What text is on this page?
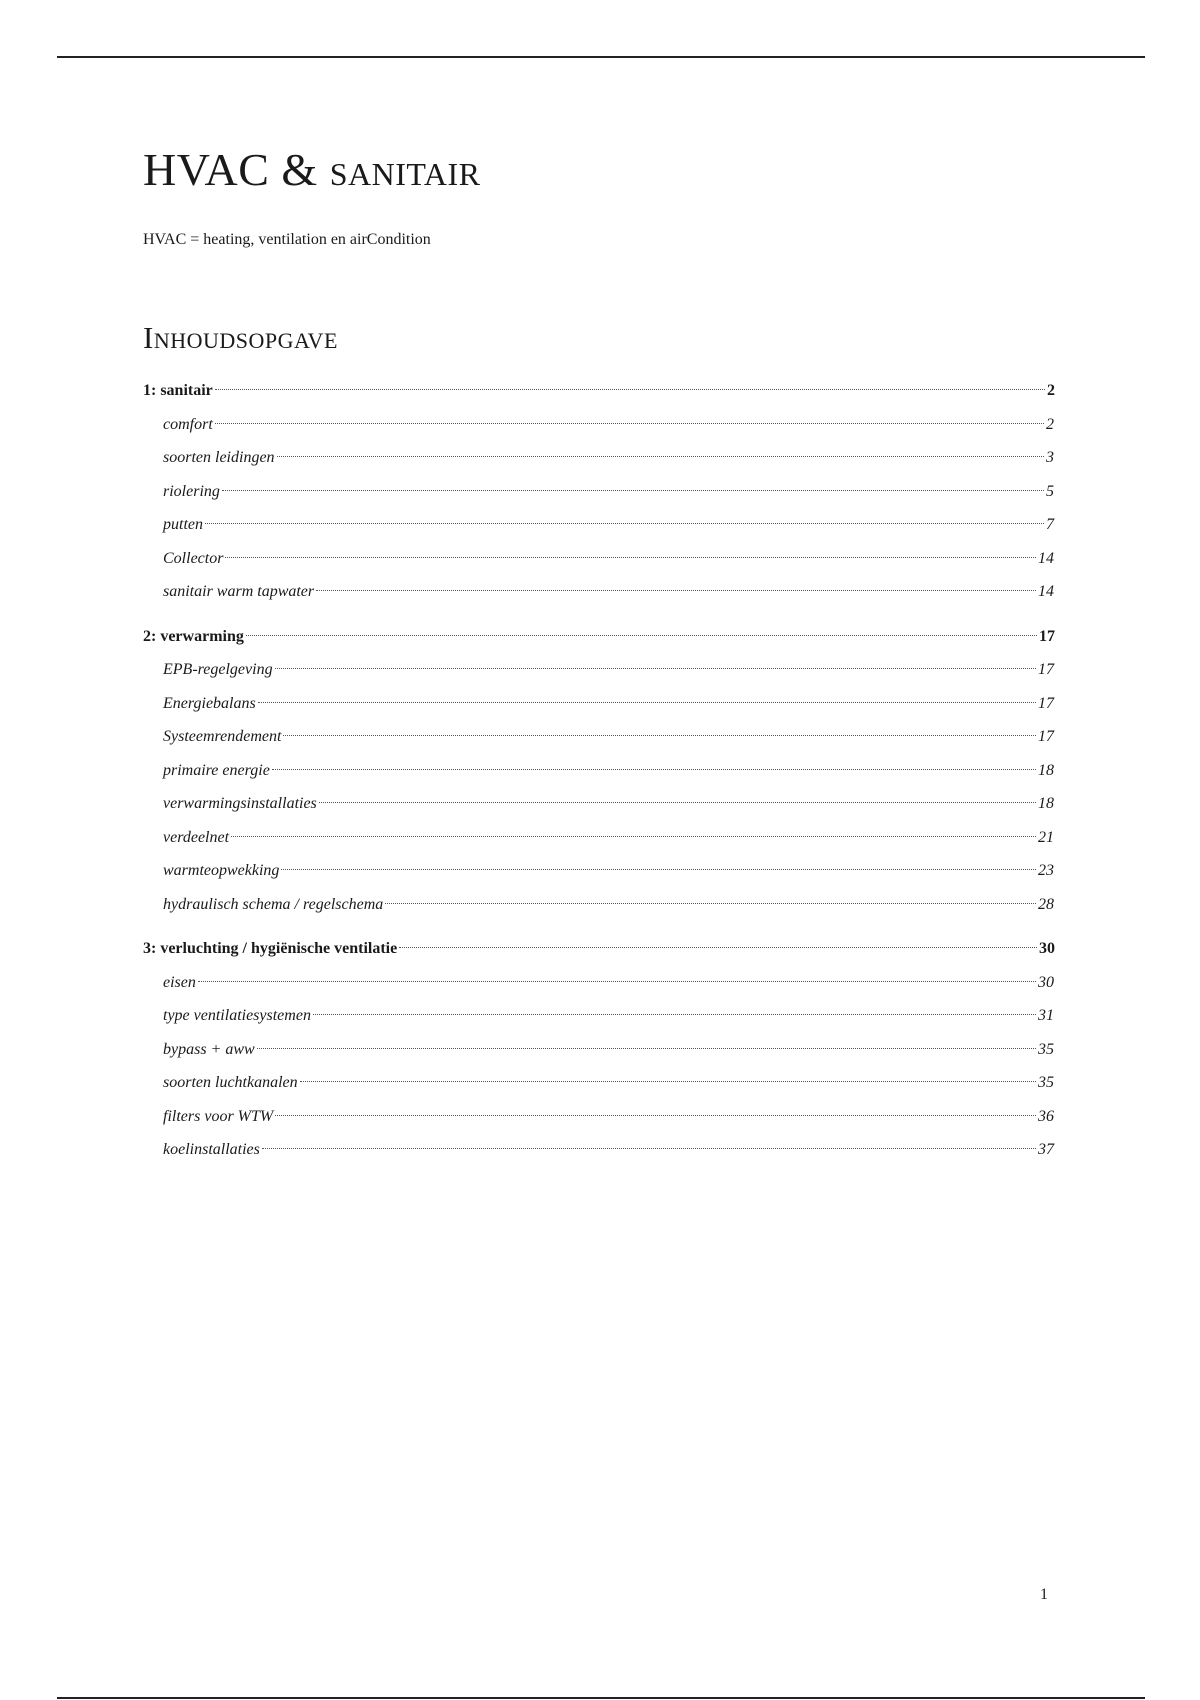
HVAC & sanitair
HVAC = heating, ventilation en airCondition
Inhoudsopgave
1: sanitair	2
comfort	2
soorten leidingen	3
riolering	5
putten	7
Collector	14
sanitair warm tapwater	14
2: verwarming	17
EPB-regelgeving	17
Energiebalans	17
Systeemrendement	17
primaire energie	18
verwarmingsinstallaties	18
verdeelnet	21
warmteopwekking	23
hydraulisch schema / regelschema	28
3: verluchting / hygiënische ventilatie	30
eisen	30
type ventilatiesystemen	31
bypass + aww	35
soorten luchtkanalen	35
filters voor WTW	36
koelinstallaties	37
1
